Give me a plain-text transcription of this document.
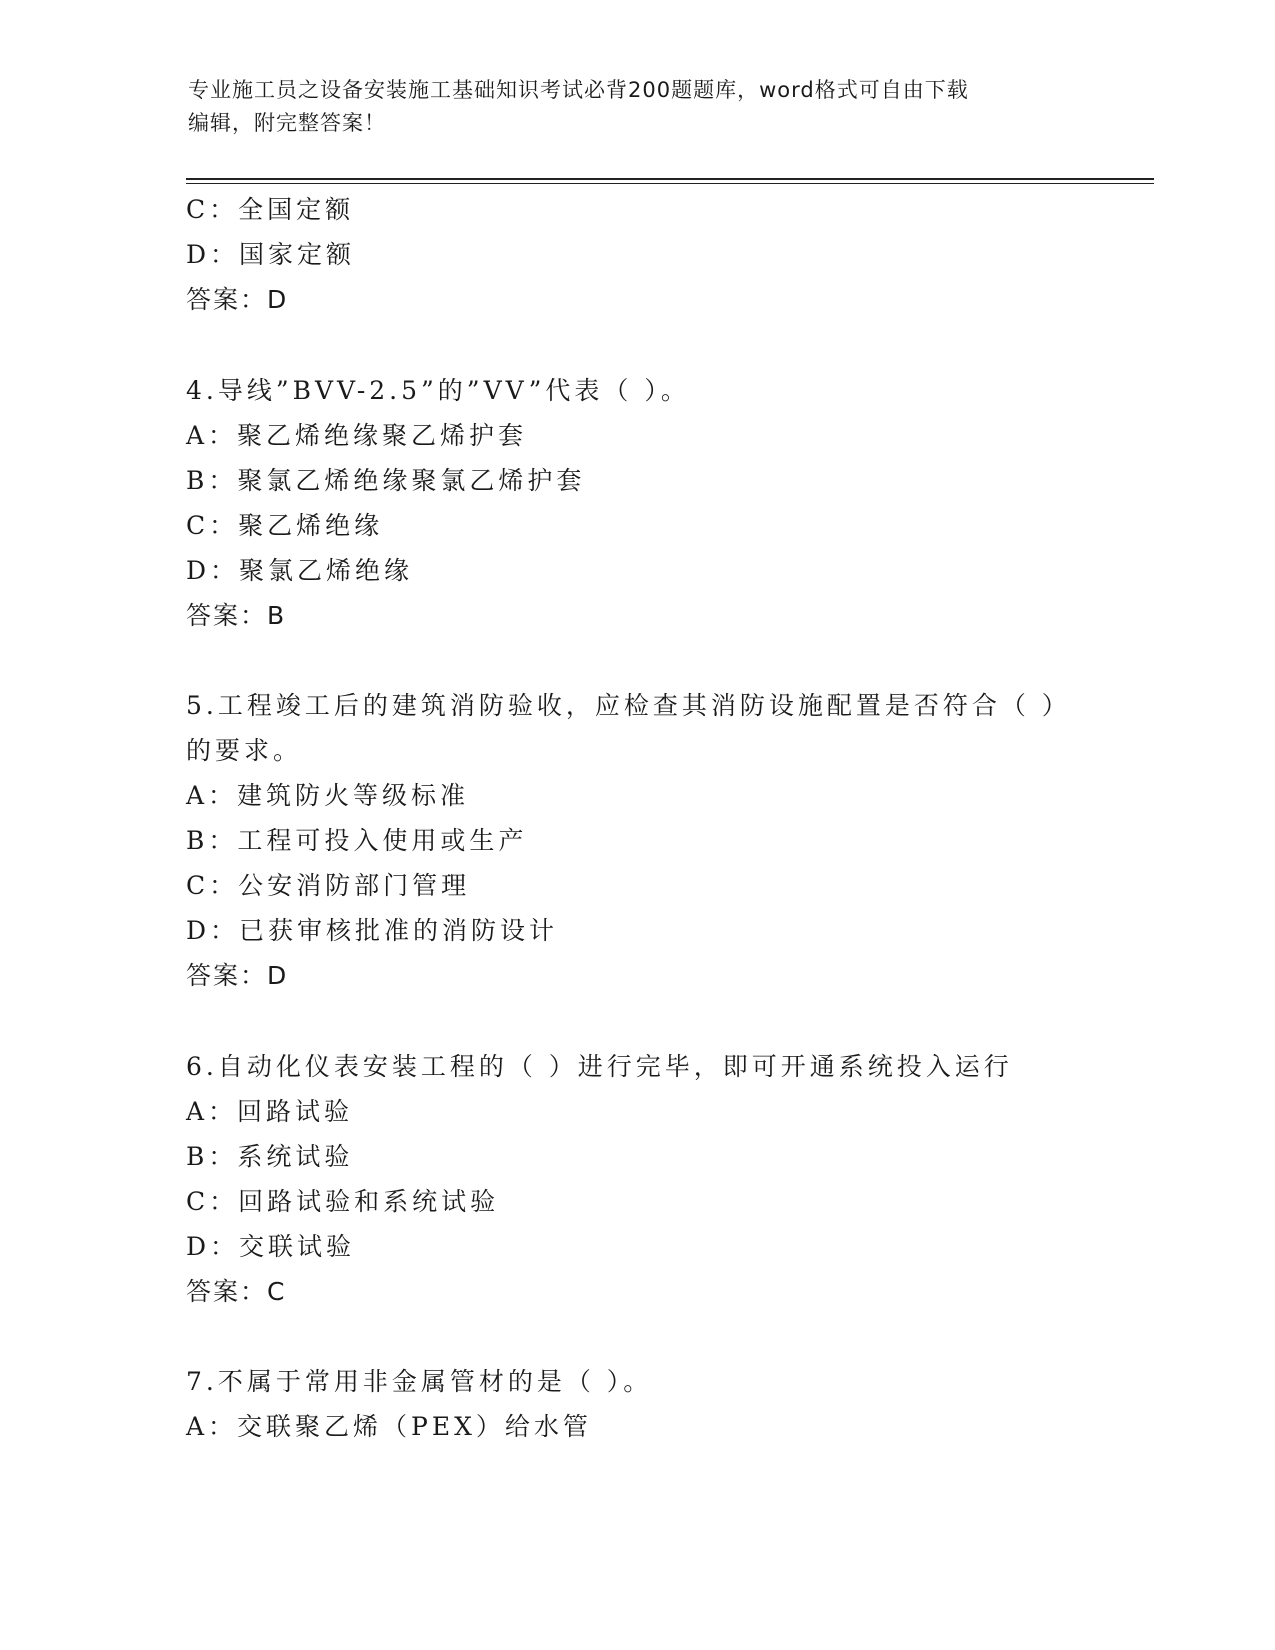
专业施工员之设备安装施工基础知识考试必背200题题库，word格式可自由下载
编辑，附完整答案！
C：全国定额
D：国家定额
答案：D
4.导线”BVV-2.5”的”VV”代表（ ）。
A：聚乙烯绝缘聚乙烯护套
B：聚氯乙烯绝缘聚氯乙烯护套
C：聚乙烯绝缘
D：聚氯乙烯绝缘
答案：B
5.工程竣工后的建筑消防验收，应检查其消防设施配置是否符合（ ）
的要求。
A：建筑防火等级标准
B：工程可投入使用或生产
C：公安消防部门管理
D：已获审核批准的消防设计
答案：D
6.自动化仪表安装工程的（ ）进行完毕，即可开通系统投入运行
A：回路试验
B：系统试验
C：回路试验和系统试验
D：交联试验
答案：C
7.不属于常用非金属管材的是（ ）。
A：交联聚乙烯（PEX）给水管
